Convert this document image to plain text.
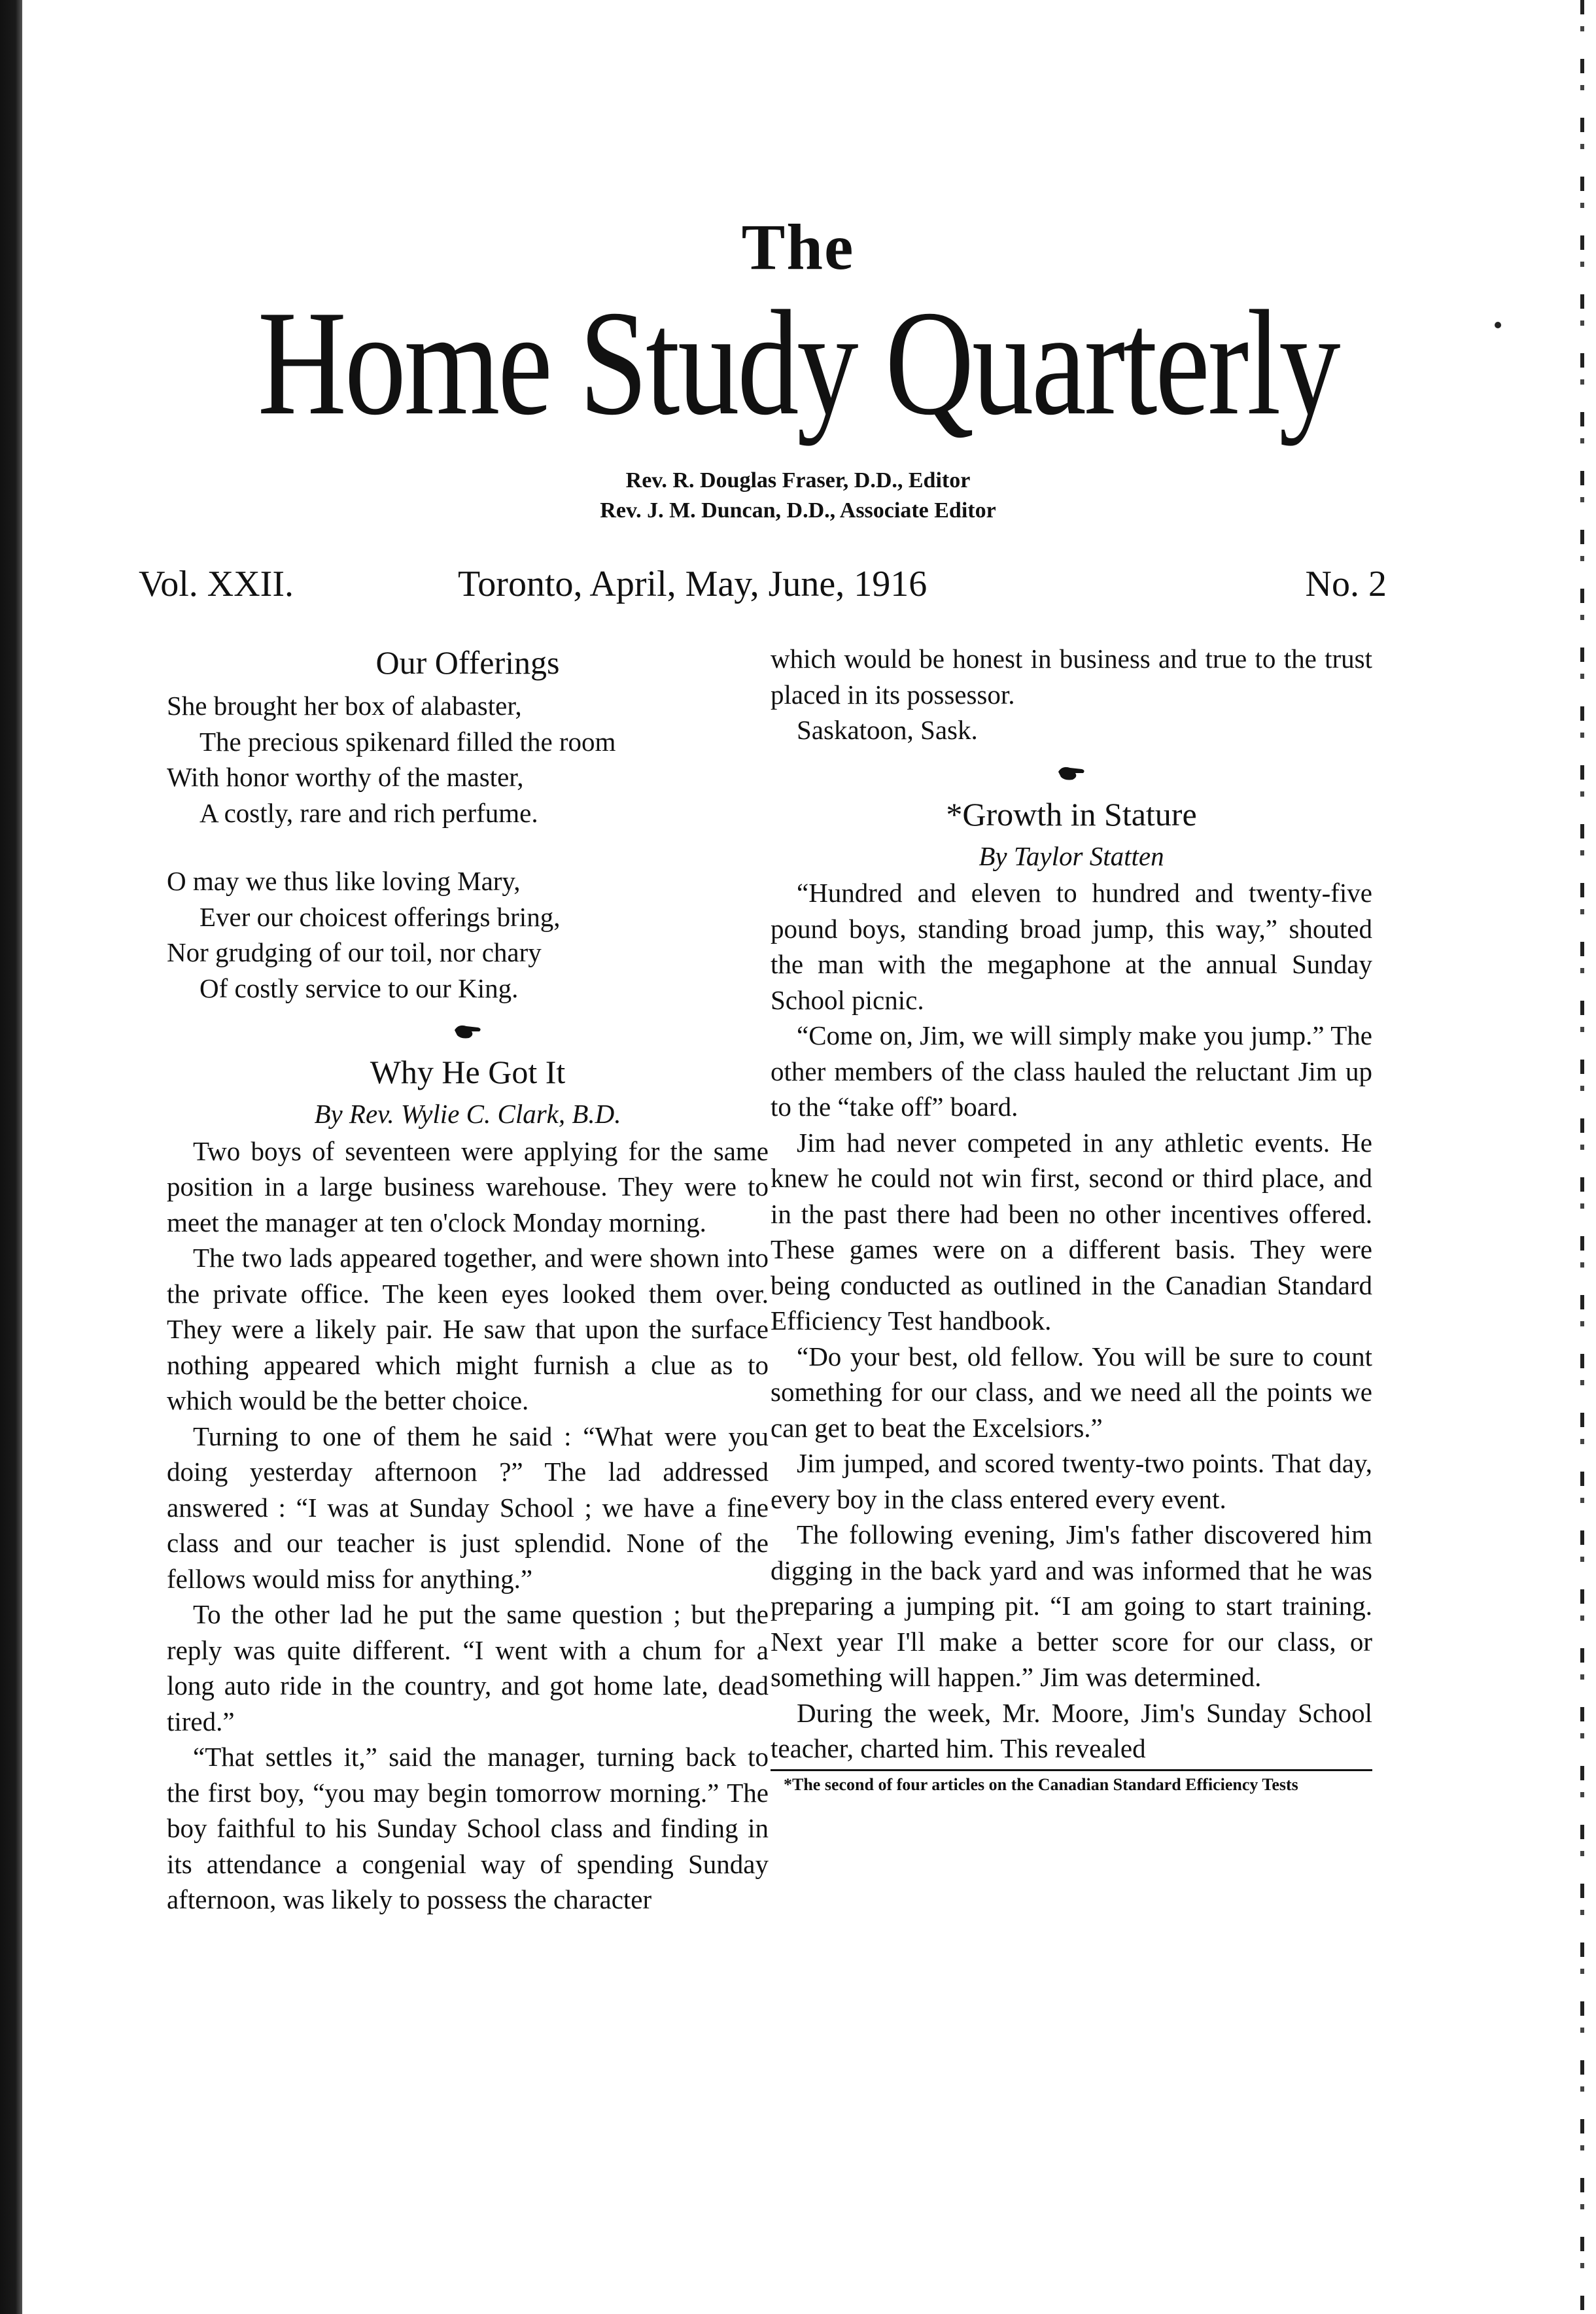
The
Home Study Quarterly
Rev. R. Douglas Fraser, D.D., Editor
Rev. J. M. Duncan, D.D., Associate Editor
Vol. XXII.	Toronto, April, May, June, 1916	No. 2
Our Offerings
She brought her box of alabaster,
The precious spikenard filled the room
With honor worthy of the master,
A costly, rare and rich perfume.
O may we thus like loving Mary,
Ever our choicest offerings bring,
Nor grudging of our toil, nor chary
Of costly service to our King.
Why He Got It
By Rev. Wylie C. Clark, B.D.

Two boys of seventeen were applying for the same position in a large business warehouse. They were to meet the manager at ten o'clock Monday morning.

The two lads appeared together, and were shown into the private office. The keen eyes looked them over. They were a likely pair. He saw that upon the surface nothing appeared which might furnish a clue as to which would be the better choice.

Turning to one of them he said : “What were you doing yesterday afternoon ?” The lad addressed answered : “I was at Sunday School ; we have a fine class and our teacher is just splendid. None of the fellows would miss for anything.”

To the other lad he put the same question ; but the reply was quite different. “I went with a chum for a long auto ride in the country, and got home late, dead tired.”

“That settles it,” said the manager, turning back to the first boy, “you may begin tomorrow morning.” The boy faithful to his Sunday School class and finding in its attendance a congenial way of spending Sunday afternoon, was likely to possess the character

which would be honest in business and true to the trust placed in its possessor.

Saskatoon, Sask.

*Growth in Stature
By Taylor Statten

“Hundred and eleven to hundred and twenty-five pound boys, standing broad jump, this way,” shouted the man with the megaphone at the annual Sunday School picnic.

“Come on, Jim, we will simply make you jump.” The other members of the class hauled the reluctant Jim up to the “take off” board.

Jim had never competed in any athletic events. He knew he could not win first, second or third place, and in the past there had been no other incentives offered. These games were on a different basis. They were being conducted as outlined in the Canadian Standard Efficiency Test handbook.

“Do your best, old fellow. You will be sure to count something for our class, and we need all the points we can get to beat the Excelsiors.”

Jim jumped, and scored twenty-two points. That day, every boy in the class entered every event.

The following evening, Jim's father discovered him digging in the back yard and was informed that he was preparing a jumping pit. “I am going to start training. Next year I'll make a better score for our class, or something will happen.” Jim was determined.

During the week, Mr. Moore, Jim's Sunday School teacher, charted him. This revealed

*The second of four articles on the Canadian Standard Efficiency Tests
